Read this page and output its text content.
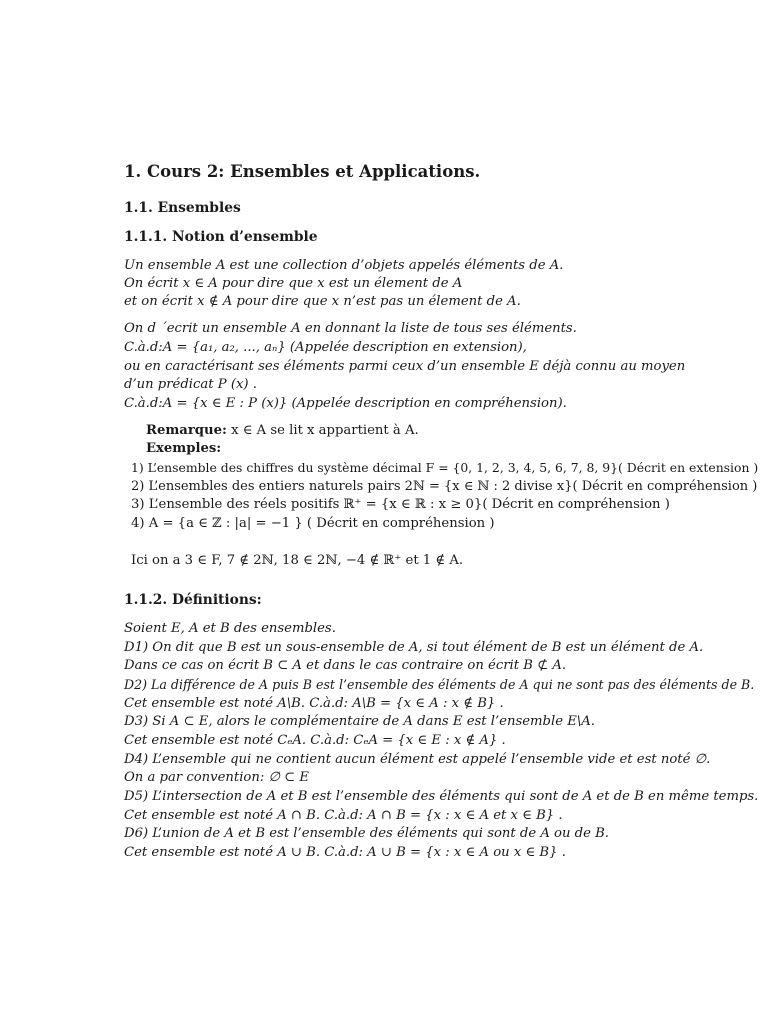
1. Cours 2: Ensembles et Applications.
1.1. Ensembles
1.1.1. Notion d’ensemble
Un ensemble A est une collection d’objets appelés éléments de A.
On écrit x ∈ A pour dire que x est un élement de A
et on écrit x ∉ A pour dire que x n’est pas un élement de A.
On d ´ecrit un ensemble A en donnant la liste de tous ses éléments.
C.à.d:A = {a₁, a₂, ..., aₙ} (Appelée description en extension),
ou en caractérisant ses éléments parmi ceux d’un ensemble E déjà connu au moyen
d’un prédicat P (x) .
C.à.d:A = {x ∈ E : P (x)} (Appelée description en compréhension).
Remarque: x ∈ A se lit x appartient à A.
Exemples:
1) L’ensemble des chiffres du système décimal F = {0, 1, 2, 3, 4, 5, 6, 7, 8, 9}( Décrit en extension )
2) L’ensembles des entiers naturels pairs 2ℕ = {x ∈ ℕ : 2 divise x}( Décrit en compréhension )
3) L’ensemble des réels positifs ℝ⁺ = {x ∈ ℝ : x ≥ 0}( Décrit en compréhension )
4) A = {a ∈ ℤ : |a| = −1 } ( Décrit en compréhension )
Ici on a 3 ∈ F, 7 ∉ 2ℕ, 18 ∈ 2ℕ, −4 ∉ ℝ⁺ et 1 ∉ A.
1.1.2. Définitions:
Soient E, A et B des ensembles.
D1) On dit que B est un sous-ensemble de A, si tout élément de B est un élément de A.
Dans ce cas on écrit B ⊂ A et dans le cas contraire on écrit B ⊄ A.
D2) La différence de A puis B est l’ensemble des éléments de A qui ne sont pas des éléments de B.
Cet ensemble est noté A\B. C.à.d: A\B = {x ∈ A : x ∉ B} .
D3) Si A ⊂ E, alors le complémentaire de A dans E est l’ensemble E\A.
Cet ensemble est noté CₑA. C.à.d: CₑA = {x ∈ E : x ∉ A} .
D4) L’ensemble qui ne contient aucun élément est appelé l’ensemble vide et est noté ∅.
On a par convention: ∅ ⊂ E
D5) L’intersection de A et B est l’ensemble des éléments qui sont de A et de B en même temps.
Cet ensemble est noté A ∩ B. C.à.d: A ∩ B = {x : x ∈ A et x ∈ B} .
D6) L’union de A et B est l’ensemble des éléments qui sont de A ou de B.
Cet ensemble est noté A ∪ B. C.à.d: A ∪ B = {x : x ∈ A ou x ∈ B} .
